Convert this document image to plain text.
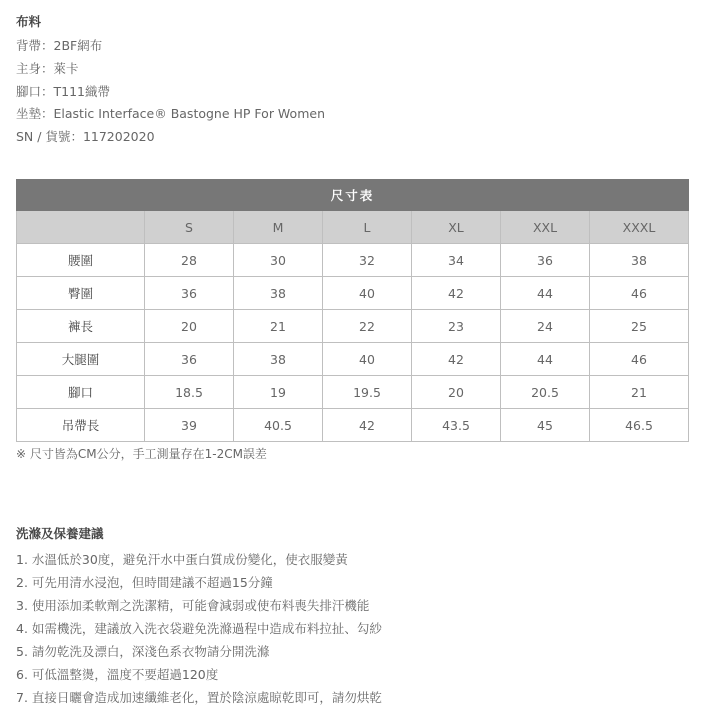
布料
背帶：2BF網布
主身：萊卡
腳口：T111織帶
坐墊：Elastic Interface® Bastogne HP For Women
SN / 貨號：117202020
尺寸表						
	S	M	L	XL	XXL	XXXL
腰圍	28	30	32	34	36	38
臀圍	36	38	40	42	44	46
褲長	20	21	22	23	24	25
大腿圍	36	38	40	42	44	46
腳口	18.5	19	19.5	20	20.5	21
吊帶長	39	40.5	42	43.5	45	46.5
※ 尺寸皆為CM公分，手工測量存在1-2CM誤差
洗滌及保養建議
1. 水溫低於30度，避免汗水中蛋白質成份變化，使衣服變黃
2. 可先用清水浸泡，但時間建議不超過15分鐘
3. 使用添加柔軟劑之洗潔精，可能會減弱或使布料喪失排汗機能
4. 如需機洗，建議放入洗衣袋避免洗滌過程中造成布料拉扯、勾紗
5. 請勿乾洗及漂白，深淺色系衣物請分開洗滌
6. 可低溫整燙，溫度不要超過120度
7. 直接日曬會造成加速纖維老化，置於陰涼處晾乾即可，請勿烘乾
